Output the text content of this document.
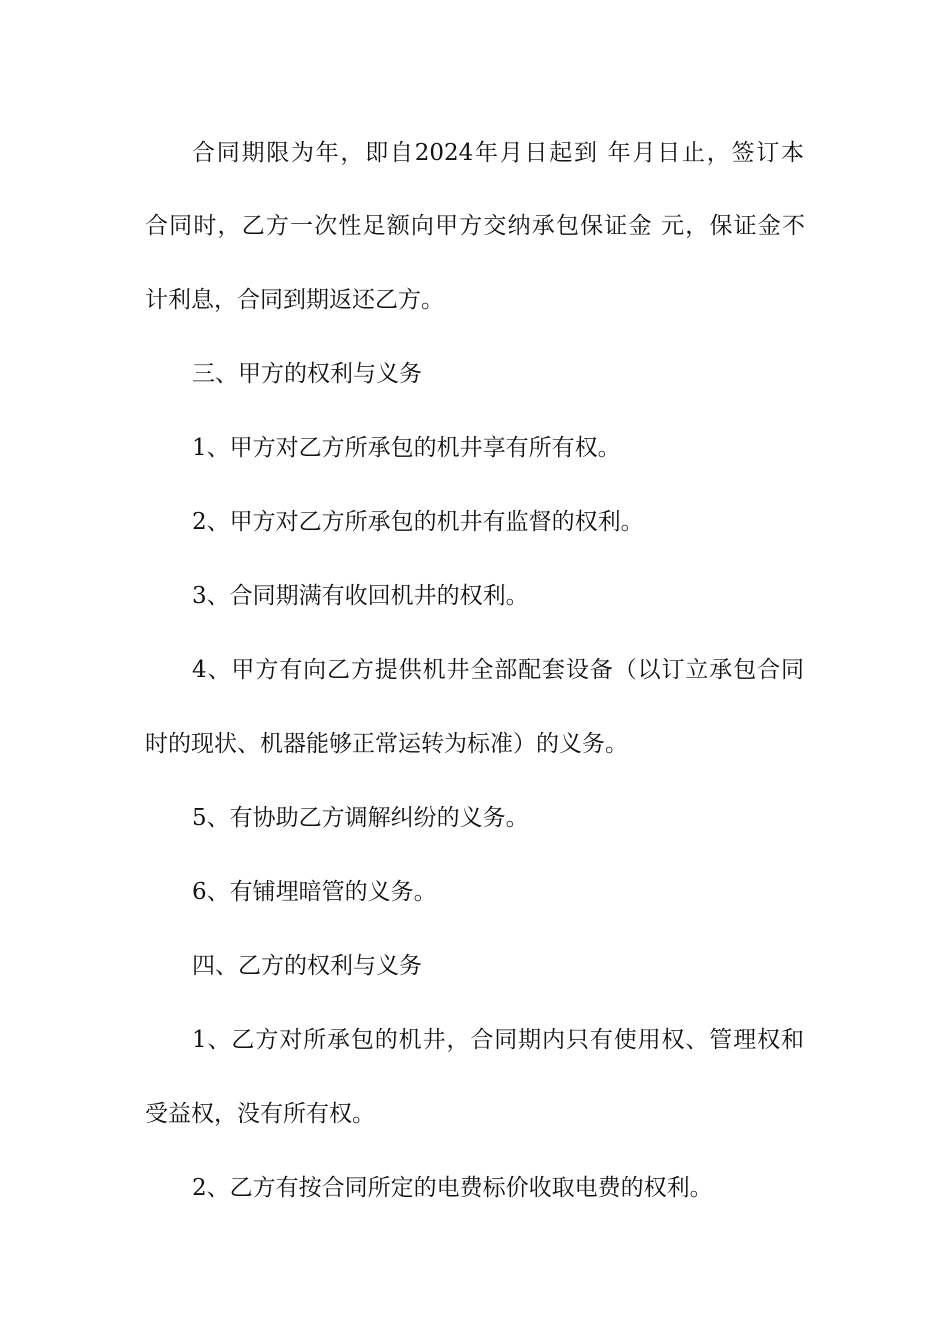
合同期限为年，即自2024年月日起到 年月日止，签订本
合同时，乙方一次性足额向甲方交纳承包保证金 元，保证金不
计利息，合同到期返还乙方。
三、甲方的权利与义务
1、甲方对乙方所承包的机井享有所有权。
2、甲方对乙方所承包的机井有监督的权利。
3、合同期满有收回机井的权利。
4、甲方有向乙方提供机井全部配套设备（以订立承包合同
时的现状、机器能够正常运转为标准）的义务。
5、有协助乙方调解纠纷的义务。
6、有铺埋暗管的义务。
四、乙方的权利与义务
1、乙方对所承包的机井，合同期内只有使用权、管理权和
受益权，没有所有权。
2、乙方有按合同所定的电费标价收取电费的权利。
